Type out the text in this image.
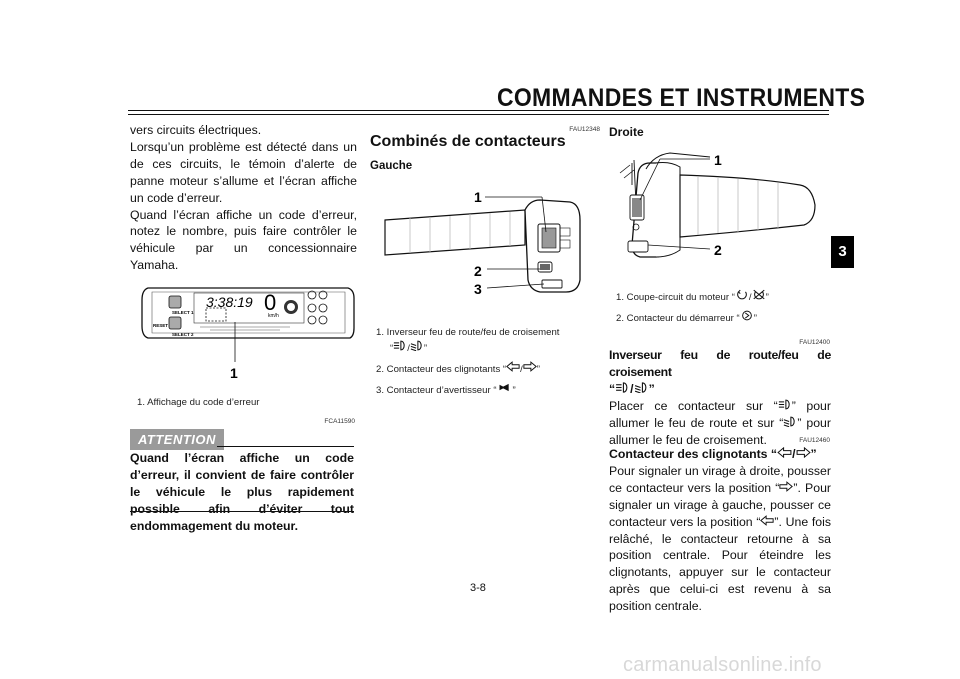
COMMANDES ET INSTRUMENTS
3

vers circuits électriques.

Lorsqu’un problème est détecté dans un de ces circuits, le témoin d’alerte de panne moteur s’allume et l’écran affiche un code d’erreur.

Quand l’écran affiche un code d’erreur, notez le nombre, puis faire contrôler le véhicule par un concessionnaire Yamaha.

SELECT 1
RESET
SELECT 2
3:38:19 0
km/h
1
1. Affichage du code d’erreur
FCA11590
ATTENTION
Quand l’écran affiche un code d’erreur, il convient de faire contrôler le véhicule le plus rapidement possible afin d’éviter tout endommagement du moteur.
FAU12348
Combinés de contacteurs
Gauche
1
2
3
1. Inverseur feu de route/feu de croisement
“ / ”
2. Contacteur des clignotants “ / ”
3. Contacteur d’avertisseur “ ”
Droite
1
2
1. Coupe-circuit du moteur “ / ”
2. Contacteur du démarreur “ ”
FAU12400
Inverseur feu de route/feu de croisement
“ / ”

Placer ce contacteur sur “ ” pour allumer le feu de route et sur “ ” pour allumer le feu de croisement.	FAU12460
Contacteur des clignotants “ / ”

Pour signaler un virage à droite, pousser ce contacteur vers la position “ ”. Pour signaler un virage à gauche, pousser ce contacteur vers la position “ ”. Une fois relâché, le contacteur retourne à sa position centrale. Pour éteindre les clignotants, appuyer sur le contacteur après que celui-ci est revenu à sa position centrale.

3-8
carmanualsonline.info
